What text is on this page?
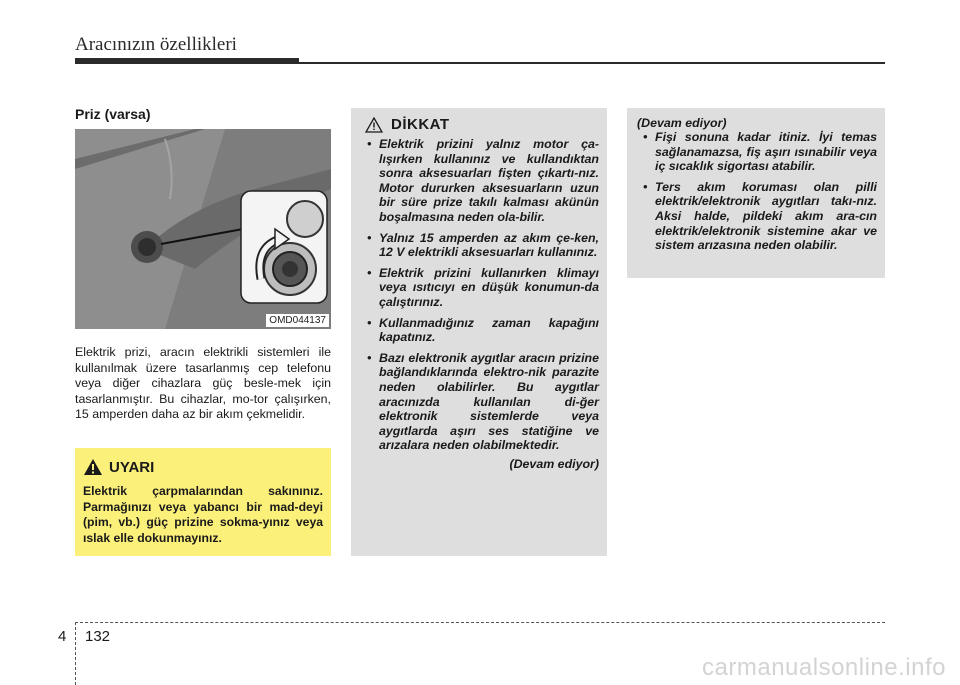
Aracınızın özellikleri
Priz (varsa)
OMD044137
Elektrik prizi, aracın elektrikli sistemleri ile kullanılmak üzere tasarlanmış cep telefonu veya diğer cihazlara güç besle-mek için tasarlanmıştır. Bu cihazlar, mo-tor çalışırken, 15 amperden daha az bir akım çekmelidir.
UYARI
Elektrik çarpmalarından sakınınız. Parmağınızı veya yabancı bir mad-deyi (pim, vb.) güç prizine sokma-yınız veya ıslak elle dokunmayınız.
DİKKAT
• Elektrik prizini yalnız motor ça-lışırken kullanınız ve kullandıktan sonra aksesuarları fişten çıkartı-nız. Motor dururken aksesuarların uzun bir süre prize takılı kalması akünün boşalmasına neden ola-bilir.
• Yalnız 15 amperden az akım çe-ken, 12 V elektrikli aksesuarları kullanınız.
• Elektrik prizini kullanırken klimayı veya ısıtıcıyı en düşük konumun-da çalıştırınız.
• Kullanmadığınız zaman kapağını kapatınız.
• Bazı elektronik aygıtlar aracın prizine bağlandıklarında elektro-nik parazite neden olabilirler. Bu aygıtlar aracınızda kullanılan di-ğer elektronik sistemlerde veya aygıtlarda aşırı ses statiğine ve arızalara neden olabilmektedir.
(Devam ediyor)
(Devam ediyor)
• Fişi sonuna kadar itiniz. İyi temas sağlanamazsa, fiş aşırı ısınabilir veya iç sıcaklık sigortası atabilir.
• Ters akım koruması olan pilli elektrik/elektronik aygıtları takı-nız. Aksi halde, pildeki akım ara-cın elektrik/elektronik sistemine akar ve sistem arızasına neden olabilir.
4 132
carmanualsonline.info
